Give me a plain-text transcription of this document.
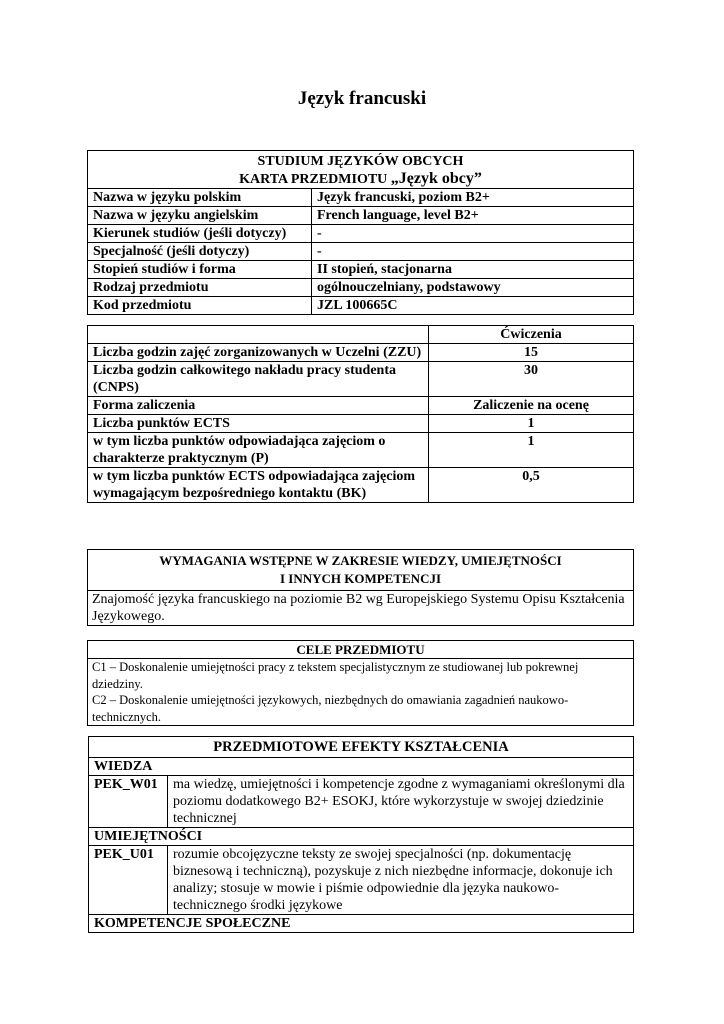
Język francuski
STUDIUM JĘZYKÓW OBCYCH
KARTA PRZEDMIOTU „Język obcy”	

Nazwa w języku polskim	Język francuski, poziom B2+
Nazwa w języku angielskim	French language, level B2+
Kierunek studiów (jeśli dotyczy)	-
Specjalność (jeśli dotyczy)	-
Stopień studiów i forma	II stopień, stacjonarna
Rodzaj przedmiotu	ogólnouczelniany, podstawowy
Kod przedmiotu	JZL 100665C
	Ćwiczenia
Liczba godzin zajęć zorganizowanych w Uczelni (ZZU)	15
Liczba godzin całkowitego nakładu pracy studenta (CNPS)	30
Forma zaliczenia	Zaliczenie na ocenę
Liczba punktów ECTS	1
w tym liczba punktów odpowiadająca zajęciom o charakterze praktycznym (P)	1
w tym liczba punktów ECTS odpowiadająca zajęciom wymagającym bezpośredniego kontaktu (BK)	0,5
WYMAGANIA WSTĘPNE W ZAKRESIE WIEDZY, UMIEJĘTNOŚCI
I INNYCH KOMPETENCJI

Znajomość języka francuskiego na poziomie B2 wg Europejskiego Systemu Opisu Kształcenia Językowego.
CELE PRZEDMIOTU

C1 – Doskonalenie umiejętności pracy z tekstem specjalistycznym ze studiowanej lub pokrewnej dziedziny.
C2 – Doskonalenie umiejętności językowych, niezbędnych do omawiania zagadnień naukowo-technicznych.
PRZEDMIOTOWE EFEKTY KSZTAŁCENIA	
WIEDZA	
PEK_W01	ma wiedzę, umiejętności i kompetencje zgodne z wymaganiami określonymi dla poziomu dodatkowego B2+ ESOKJ, które wykorzystuje w swojej dziedzinie technicznej
UMIEJĘTNOŚCI	
PEK_U01	rozumie obcojęzyczne teksty ze swojej specjalności (np. dokumentację biznesową i techniczną), pozyskuje z nich niezbędne informacje, dokonuje ich analizy; stosuje w mowie i piśmie odpowiednie dla języka naukowo-technicznego środki językowe
KOMPETENCJE SPOŁECZNE	
